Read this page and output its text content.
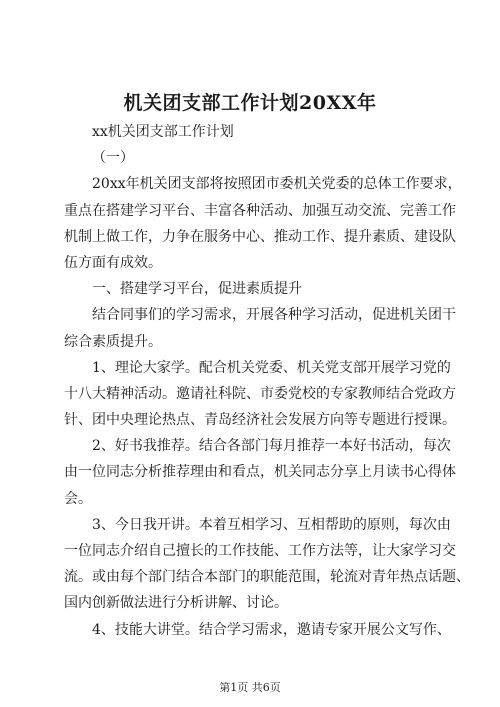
机关团支部工作计划20XX年
xx机关团支部工作计划
（一）
20xx年机关团支部将按照团市委机关党委的总体工作要求，
重点在搭建学习平台、丰富各种活动、加强互动交流、完善工作
机制上做工作，力争在服务中心、推动工作、提升素质、建设队
伍方面有成效。
一、搭建学习平台，促进素质提升
结合同事们的学习需求，开展各种学习活动，促进机关团干
综合素质提升。
1、理论大家学。配合机关党委、机关党支部开展学习党的
十八大精神活动。邀请社科院、市委党校的专家教师结合党政方
针、团中央理论热点、青岛经济社会发展方向等专题进行授课。
2、好书我推荐。结合各部门每月推荐一本好书活动，每次
由一位同志分析推荐理由和看点，机关同志分享上月读书心得体
会。
3、今日我开讲。本着互相学习、互相帮助的原则，每次由
一位同志介绍自己擅长的工作技能、工作方法等，让大家学习交
流。或由每个部门结合本部门的职能范围，轮流对青年热点话题、
国内创新做法进行分析讲解、讨论。
4、技能大讲堂。结合学习需求，邀请专家开展公文写作、
第1页 共6页
